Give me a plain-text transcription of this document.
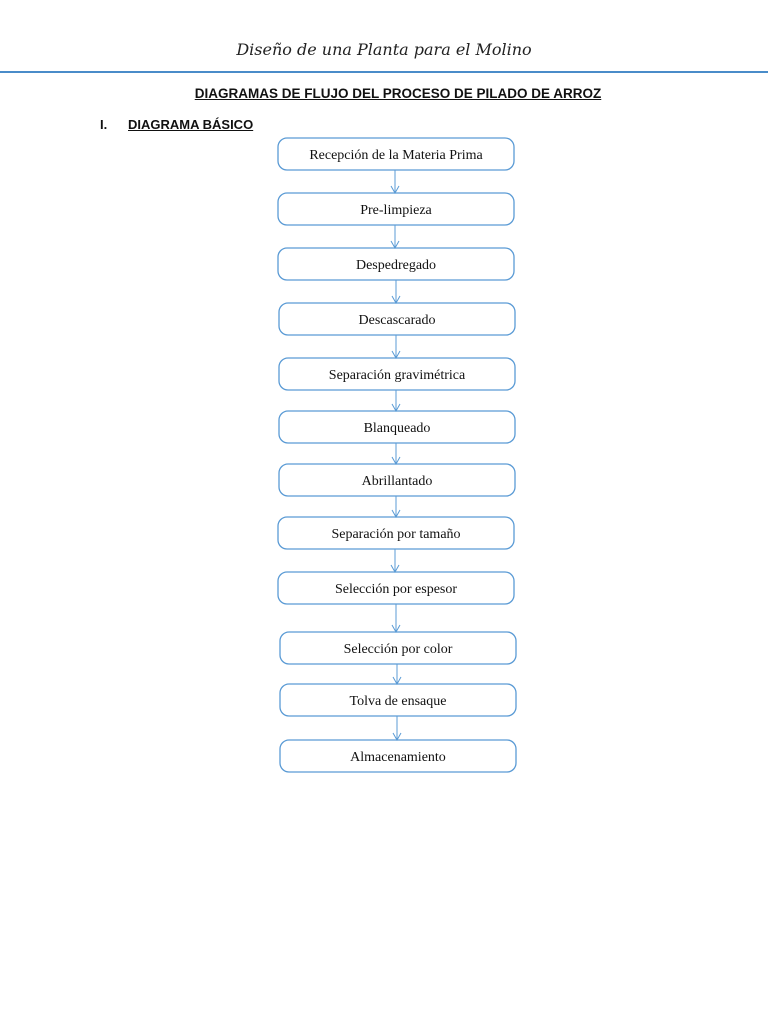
Diseño de una Planta para el Molino
DIAGRAMAS DE FLUJO DEL PROCESO DE PILADO DE ARROZ
I. DIAGRAMA BÁSICO
Recepción de la Materia Prima
Pre-limpieza
Despedregado
Descascarado
Separación gravimétrica
Blanqueado
Abrillantado
Separación por tamaño
Selección por espesor
Selección por color
Tolva de ensaque
Almacenamiento
